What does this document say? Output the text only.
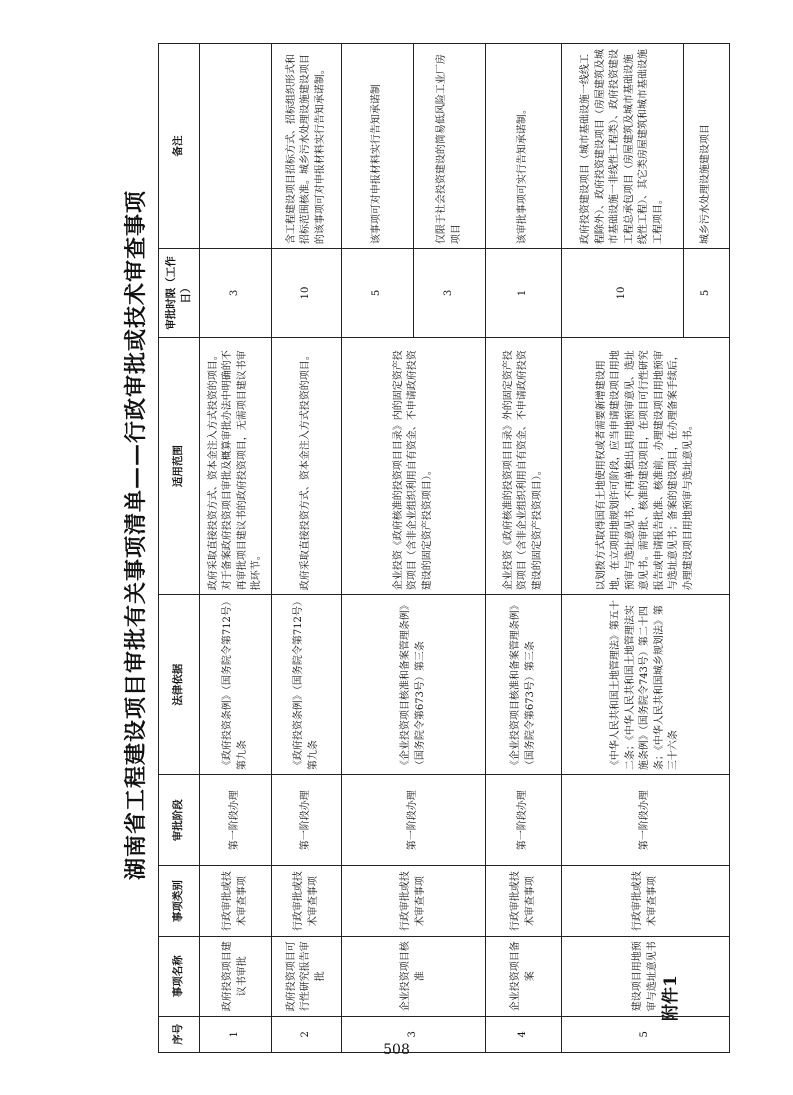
附件1
湖南省工程建设项目审批有关事项清单——行政审批或技术审查事项
序号	事项名称	事项类别	审批阶段	法律依据	适用范围	审批时限（工作日）	备注
1	政府投资项目建议书审批	行政审批或技术审查事项	第一阶段办理	《政府投资条例》（国务院令第712号）第九条	政府采取直接投资方式、资本金注入方式投资的项目。对于备案政府投资项目审批及概算审批办法中明确的不再审批项目建议书的政府投资项目，无需项目建议书审批环节。	3	
2	政府投资项目可行性研究报告审批	行政审批或技术审查事项	第一阶段办理	《政府投资条例》（国务院令第712号）第九条	政府采取直接投资方式、资本金注入方式投资的项目。	10	含工程建设项目招标方式、招标组织形式和招标范围核准。城乡污水处理设施建设项目的该事项可对申报材料实行告知承诺制。
3	企业投资项目核准	行政审批或技术审查事项	第一阶段办理	《企业投资项目核准和备案管理条例》（国务院令第673号）第三条	企业投资《政府核准的投资项目目录》内的固定资产投资项目（含非企业组织利用自有资金、不申请政府投资建设的固定资产投资项目）。	5	该事项可对申报材料实行告知承诺制
						3	仅限于社会投资建设的简易低风险工业厂房项目
4	企业投资项目备案	行政审批或技术审查事项	第一阶段办理	《企业投资项目核准和备案管理条例》（国务院令第673号）第三条	企业投资《政府核准的投资项目目录》外的固定资产投资项目（含非企业组织利用自有资金、不申请政府投资建设的固定资产投资项目）。	1	该审批事项可实行告知承诺制。
5	建设项目用地预审与选址意见书	行政审批或技术审查事项	第一阶段办理	《中华人民共和国土地管理法》第五十二条；《中华人民共和国土地管理法实施条例》（国务院令743号）第二十四条；《中华人民共和国城乡规划法》第三十六条	以划拨方式取得国有土地使用权或者需要新增建设用地，在立项用地规划许可阶段，应当申请建设项目用地预审与选址意见书，不再单独出具用地预审意见、选址意见书。需审批、核准的建设项目，在项目可行性研究报告或申请报告批准、核准前，办理建设项目用地预审与选址意见书；备案的建设项目，在办理备案手续后，办理建设项目用地预审与选址意见书。	10	政府投资建设项目（城市基础设施一线线工程除外）、政府投资建设项目（房屋建筑及城市基础设施一非线性工程类）、政府投资建设工程总承包项目（房屋建筑及城市基础设施线性工程）、其它类房屋建筑和城市基础设施工程项目。
						5	城乡污水处理设施建设项目
508
